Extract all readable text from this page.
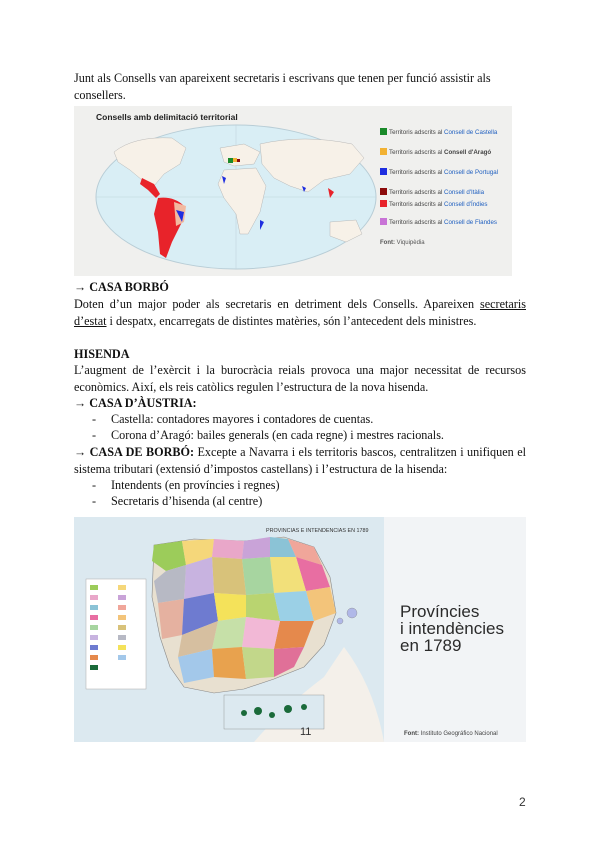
Junt als Consells van apareixent secretaris i escrivans que tenen per funció assistir als consellers.
Consells amb delimitació territorial
Territoris adscrits al Consell de Castella
Territoris adscrits al Consell d'Aragó
Territoris adscrits al Consell de Portugal
Territoris adscrits al Consell d'Itàlia
Territoris adscrits al Consell d'Índies
Territoris adscrits al Consell de Flandes
Font: Viquipèdia
→ CASA BORBÓ
Doten d’un major poder als secretaris en detriment dels Consells. Apareixen secretaris d’estat i despatx, encarregats de distintes matèries, són l’antecedent dels ministres.
HISENDA
L’augment de l’exèrcit i la burocràcia reials provoca una major necessitat de recursos econòmics. Així, els reis catòlics regulen l’estructura de la nova hisenda.
→ CASA D’ÀUSTRIA:
- Castella: contadores mayores i contadores de cuentas.
- Corona d’Aragó: bailes generals (en cada regne) i mestres racionals.
→ CASA DE BORBÓ: Excepte a Navarra i els territoris bascos, centralitzen i unifiquen el sistema tributari (extensió d’impostos castellans) i l’estructura de la hisenda:
- Intendents (en províncies i regnes)
- Secretaris d’hisenda (al centre)
PROVINCIAS E INTENDENCIAS EN 1789
Províncies
i intendències
en 1789
11	Font: Instituto Geográfico Nacional
2
